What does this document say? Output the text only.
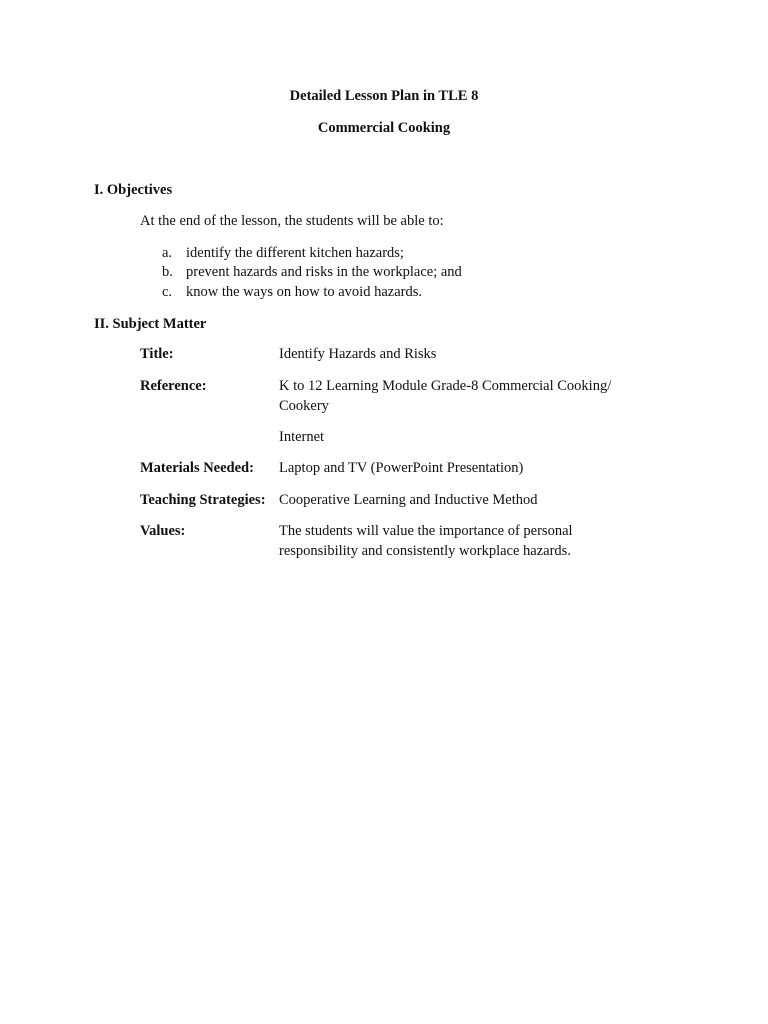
Detailed Lesson Plan in TLE 8
Commercial Cooking
I. Objectives
At the end of the lesson, the students will be able to:
a. identify the different kitchen hazards;
b. prevent hazards and risks in the workplace; and
c. know the ways on how to avoid hazards.
II. Subject Matter
Title:	Identify Hazards and Risks
Reference:	K to 12 Learning Module Grade-8 Commercial Cooking/
Cookery
Internet
Materials Needed: Laptop and TV (PowerPoint Presentation)
Teaching Strategies: Cooperative Learning and Inductive Method
Values:	The students will value the importance of personal
responsibility and consistently workplace hazards.
